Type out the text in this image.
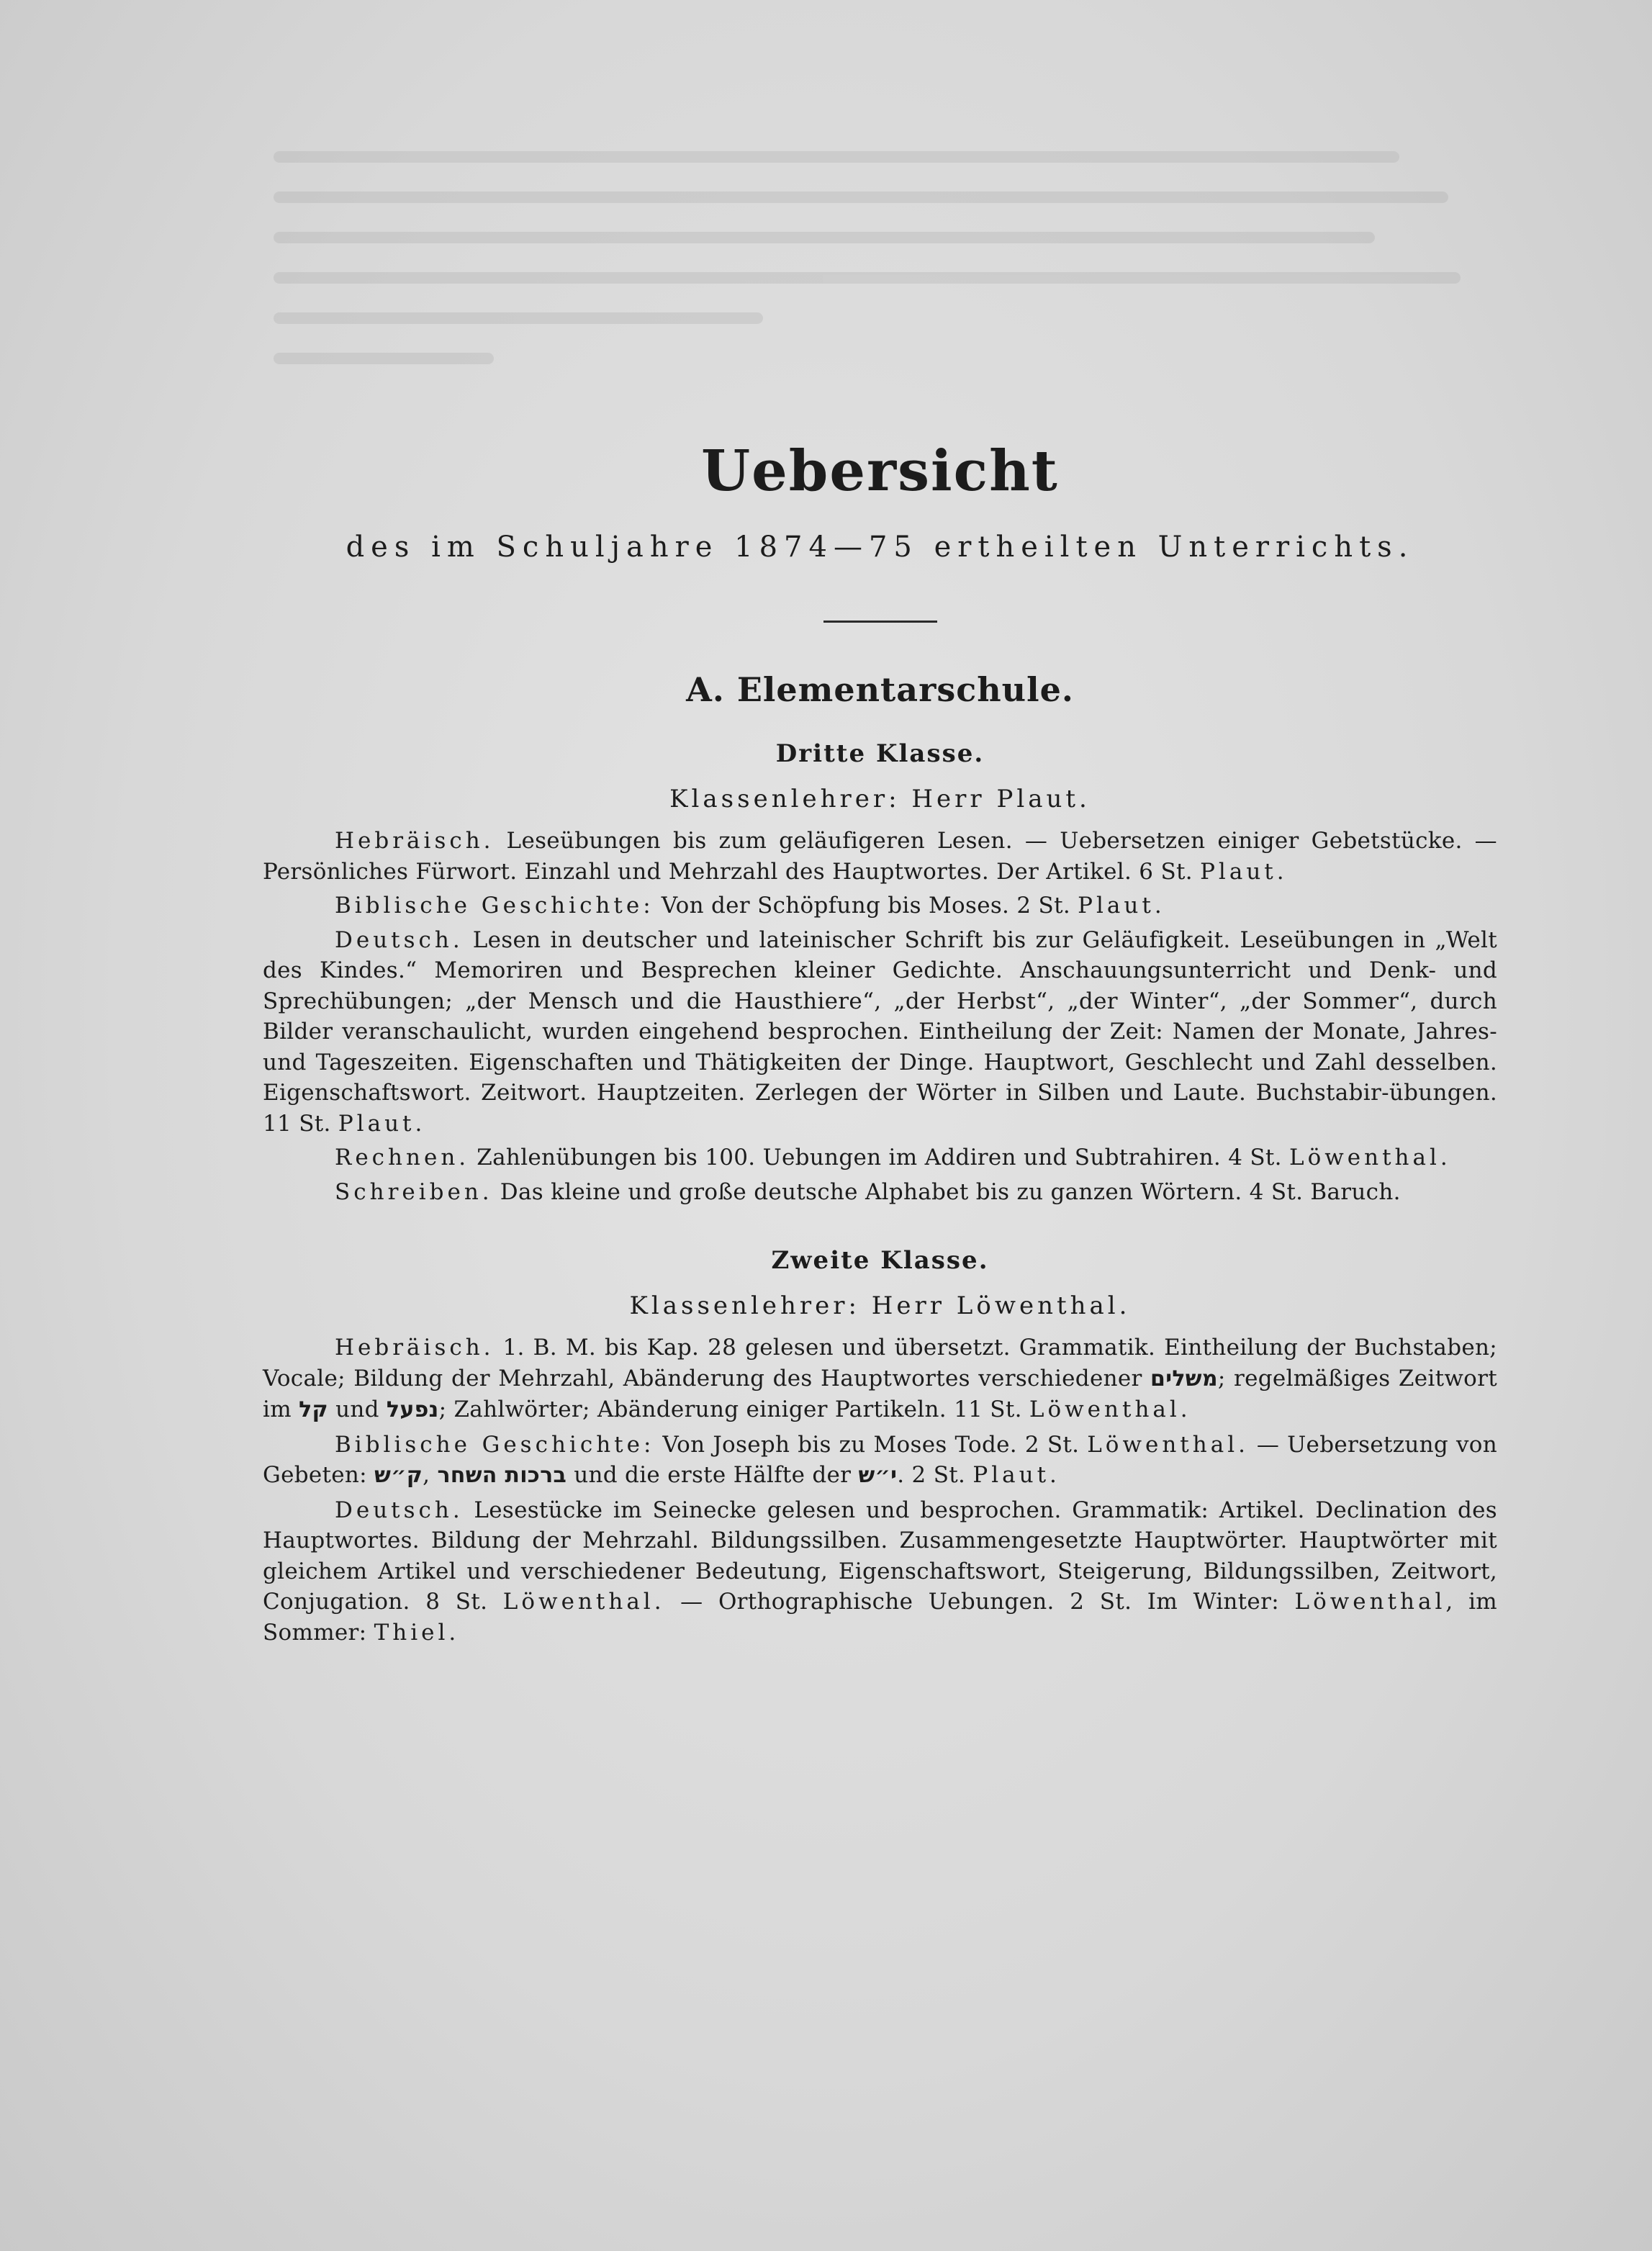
Uebersicht
des im Schuljahre 1874—75 ertheilten Unterrichts.
A. Elementarschule.
Dritte Klasse.
Klassenlehrer: Herr Plaut.

Hebräisch. Leseübungen bis zum geläufigeren Lesen. — Uebersetzen einiger Gebetstücke. — Persönliches Fürwort. Einzahl und Mehrzahl des Hauptwortes. Der Artikel. 6 St. Plaut.

Biblische Geschichte: Von der Schöpfung bis Moses. 2 St. Plaut.

Deutsch. Lesen in deutscher und lateinischer Schrift bis zur Geläufigkeit. Leseübungen in „Welt des Kindes.“ Memoriren und Besprechen kleiner Gedichte. Anschauungsunterricht und Denk- und Sprechübungen; „der Mensch und die Hausthiere“, „der Herbst“, „der Winter“, „der Sommer“, durch Bilder veranschaulicht, wurden eingehend besprochen. Eintheilung der Zeit: Namen der Monate, Jahres- und Tageszeiten. Eigenschaften und Thätigkeiten der Dinge. Hauptwort, Geschlecht und Zahl desselben. Eigenschaftswort. Zeitwort. Hauptzeiten. Zerlegen der Wörter in Silben und Laute. Buchstabir-übungen. 11 St. Plaut.

Rechnen. Zahlenübungen bis 100. Uebungen im Addiren und Subtrahiren. 4 St. Löwenthal.

Schreiben. Das kleine und große deutsche Alphabet bis zu ganzen Wörtern. 4 St. Baruch.

Zweite Klasse.
Klassenlehrer: Herr Löwenthal.

Hebräisch. 1. B. M. bis Kap. 28 gelesen und übersetzt. Grammatik. Eintheilung der Buchstaben; Vocale; Bildung der Mehrzahl, Abänderung des Hauptwortes verschiedener משלים; regelmäßiges Zeitwort im קל und נפעל; Zahlwörter; Abänderung einiger Partikeln. 11 St. Löwenthal.

Biblische Geschichte: Von Joseph bis zu Moses Tode. 2 St. Löwenthal. — Uebersetzung von Gebeten: ק״ש, ברכות השחר und die erste Hälfte der י״ש. 2 St. Plaut.

Deutsch. Lesestücke im Seinecke gelesen und besprochen. Grammatik: Artikel. Declination des Hauptwortes. Bildung der Mehrzahl. Bildungssilben. Zusammengesetzte Hauptwörter. Hauptwörter mit gleichem Artikel und verschiedener Bedeutung, Eigenschaftswort, Steigerung, Bildungssilben, Zeitwort, Conjugation. 8 St. Löwenthal. — Orthographische Uebungen. 2 St. Im Winter: Löwenthal, im Sommer: Thiel.
